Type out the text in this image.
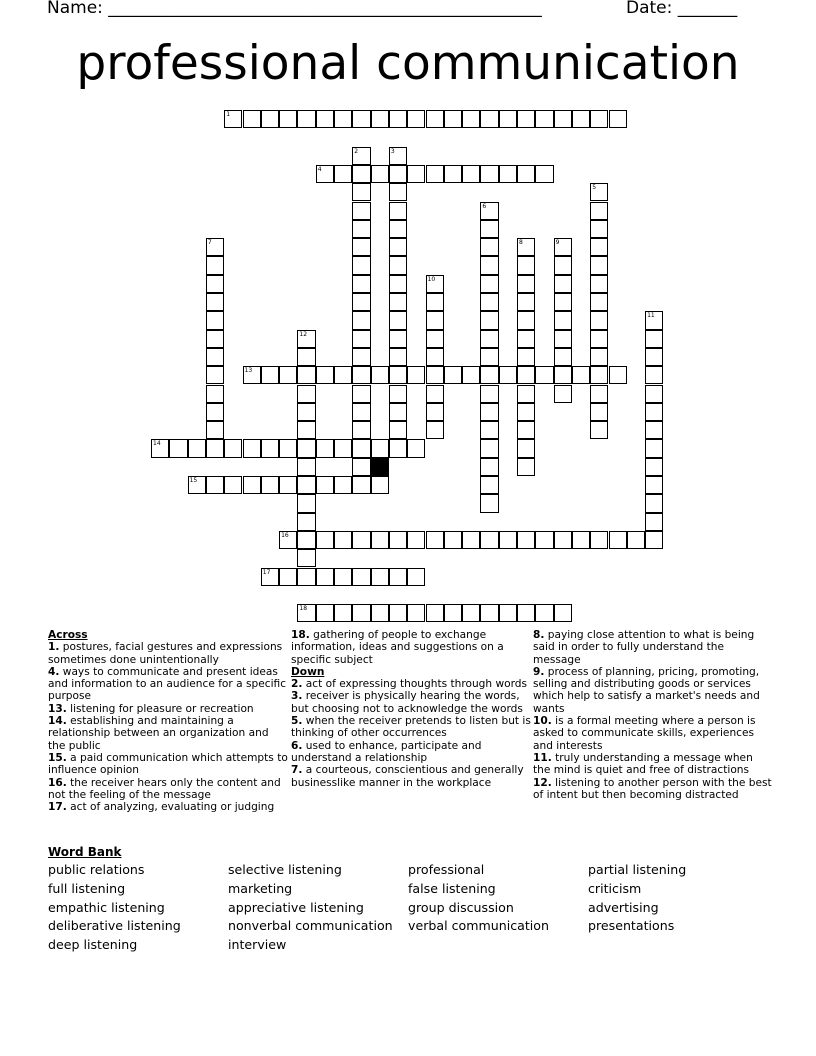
Name: ___________________________________________________	Date: _______
professional communication
1
2	3
4
5
6
7	8	9
10
11
12
13
14
15
16
17
18
Across
1. postures, facial gestures and expressions sometimes done unintentionally
4. ways to communicate and present ideas and information to an audience for a specific purpose
13. listening for pleasure or recreation
14. establishing and maintaining a relationship between an organization and the public
15. a paid communication which attempts to influence opinion
16. the receiver hears only the content and not the feeling of the message
17. act of analyzing, evaluating or judging
18. gathering of people to exchange information, ideas and suggestions on a specific subject
Down
2. act of expressing thoughts through words
3. receiver is physically hearing the words, but choosing not to acknowledge the words
5. when the receiver pretends to listen but is thinking of other occurrences
6. used to enhance, participate and understand a relationship
7. a courteous, conscientious and generally businesslike manner in the workplace
8. paying close attention to what is being said in order to fully understand the message
9. process of planning, pricing, promoting, selling and distributing goods or services which help to satisfy a market's needs and wants
10. is a formal meeting where a person is asked to communicate skills, experiences and interests
11. truly understanding a message when the mind is quiet and free of distractions
12. listening to another person with the best of intent but then becoming distracted
Word Bank
public relations	selective listening	professional	partial listening
full listening	marketing	false listening	criticism
empathic listening	appreciative listening	group discussion	advertising
deliberative listening	nonverbal communication	verbal communication	presentations
deep listening	interview
